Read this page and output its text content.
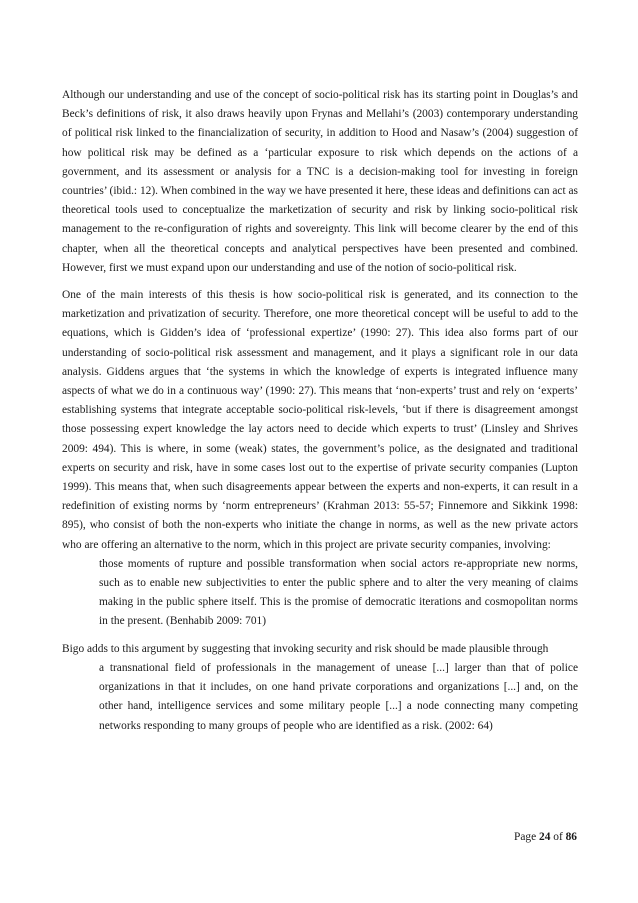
Although our understanding and use of the concept of socio-political risk has its starting point in Douglas’s and Beck’s definitions of risk, it also draws heavily upon Frynas and Mellahi’s (2003) contemporary understanding of political risk linked to the financialization of security, in addition to Hood and Nasaw’s (2004) suggestion of how political risk may be defined as a ‘particular exposure to risk which depends on the actions of a government, and its assessment or analysis for a TNC is a decision-making tool for investing in foreign countries’ (ibid.: 12). When combined in the way we have presented it here, these ideas and definitions can act as theoretical tools used to conceptualize the marketization of security and risk by linking socio-political risk management to the re-configuration of rights and sovereignty. This link will become clearer by the end of this chapter, when all the theoretical concepts and analytical perspectives have been presented and combined. However, first we must expand upon our understanding and use of the notion of socio-political risk.

One of the main interests of this thesis is how socio-political risk is generated, and its connection to the marketization and privatization of security. Therefore, one more theoretical concept will be useful to add to the equations, which is Gidden’s idea of ‘professional expertize’ (1990: 27). This idea also forms part of our understanding of socio-political risk assessment and management, and it plays a significant role in our data analysis. Giddens argues that ‘the systems in which the knowledge of experts is integrated influence many aspects of what we do in a continuous way’ (1990: 27). This means that ‘non-experts’ trust and rely on ‘experts’ establishing systems that integrate acceptable socio-political risk-levels, ‘but if there is disagreement amongst those possessing expert knowledge the lay actors need to decide which experts to trust’ (Linsley and Shrives 2009: 494). This is where, in some (weak) states, the government’s police, as the designated and traditional experts on security and risk, have in some cases lost out to the expertise of private security companies (Lupton 1999). This means that, when such disagreements appear between the experts and non-experts, it can result in a redefinition of existing norms by ‘norm entrepreneurs’ (Krahman 2013: 55-57; Finnemore and Sikkink 1998: 895), who consist of both the non-experts who initiate the change in norms, as well as the new private actors who are offering an alternative to the norm, which in this project are private security companies, involving:

those moments of rupture and possible transformation when social actors re-appropriate new norms, such as to enable new subjectivities to enter the public sphere and to alter the very meaning of claims making in the public sphere itself. This is the promise of democratic iterations and cosmopolitan norms in the present. (Benhabib 2009: 701)

Bigo adds to this argument by suggesting that invoking security and risk should be made plausible through

a transnational field of professionals in the management of unease [...] larger than that of police organizations in that it includes, on one hand private corporations and organizations [...] and, on the other hand, intelligence services and some military people [...] a node connecting many competing networks responding to many groups of people who are identified as a risk. (2002: 64)

Page 24 of 86
